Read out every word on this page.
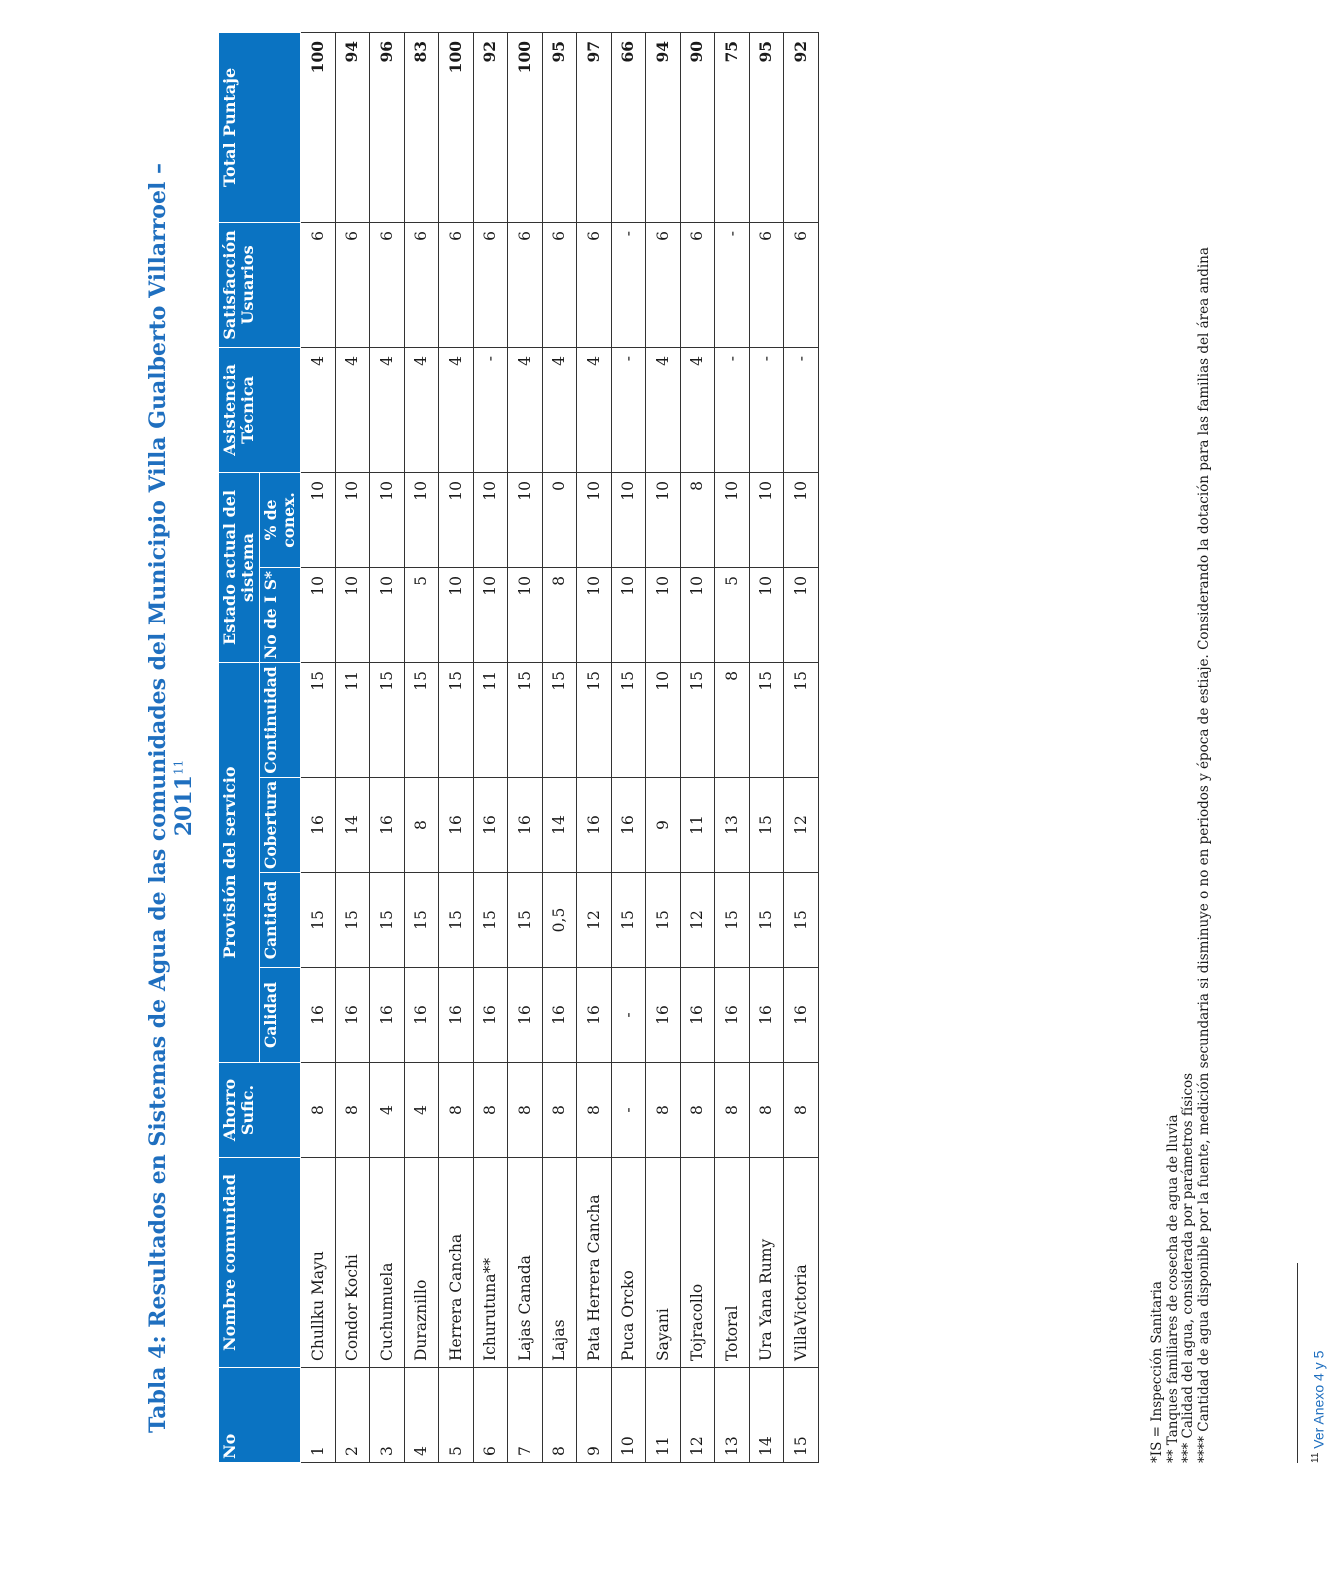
Tabla 4: Resultados en Sistemas de Agua de las comunidades del Municipio Villa Gualberto Villarroel – 2011$^{11}$
No	Nombre comunidad	Ahorro Sufic.	Provisión del servicio				Estado actual del sistema		Asistencia Técnica	Satisfacción Usuarios	Total Puntaje
			Calidad	Cantidad	Cobertura	Continuidad	No de I S*	% de conex.			
1	Chullku Mayu	8	16	15	16	15	10	10	4	6	100
2	Condor Kochi	8	16	15	14	11	10	10	4	6	94
3	Cuchumuela	4	16	15	16	15	10	10	4	6	96
4	Duraznillo	4	16	15	8	15	5	10	4	6	83
5	Herrera Cancha	8	16	15	16	15	10	10	4	6	100
6	Ichurutuna**	8	16	15	16	11	10	10	-	6	92
7	Lajas Canada	8	16	15	16	15	10	10	4	6	100
8	Lajas	8	16	0,5	14	15	8	0	4	6	95
9	Pata Herrera Cancha	8	16	12	16	15	10	10	4	6	97
10	Puca Orcko	-	-	15	16	15	10	10	-	-	66
11	Sayani	8	16	15	9	10	10	10	4	6	94
12	Tojracollo	8	16	12	11	15	10	8	4	6	90
13	Totoral	8	16	15	13	8	5	10	-	-	75
14	Ura Yana Rumy	8	16	15	15	15	10	10	-	6	95
15	VillaVictoria	8	16	15	12	15	10	10	-	6	92
*IS = Inspección Sanitaria ** Tanques familiares de cosecha de agua de lluvia *** Calidad del agua, considerada por parámetros físicos **** Cantidad de agua disponible por la fuente, medición secundaria si disminuye o no en periodos y época de estiaje. Considerando la dotación para las familias del área andina	$^{11}$ Ver Anexo 4 y 5
